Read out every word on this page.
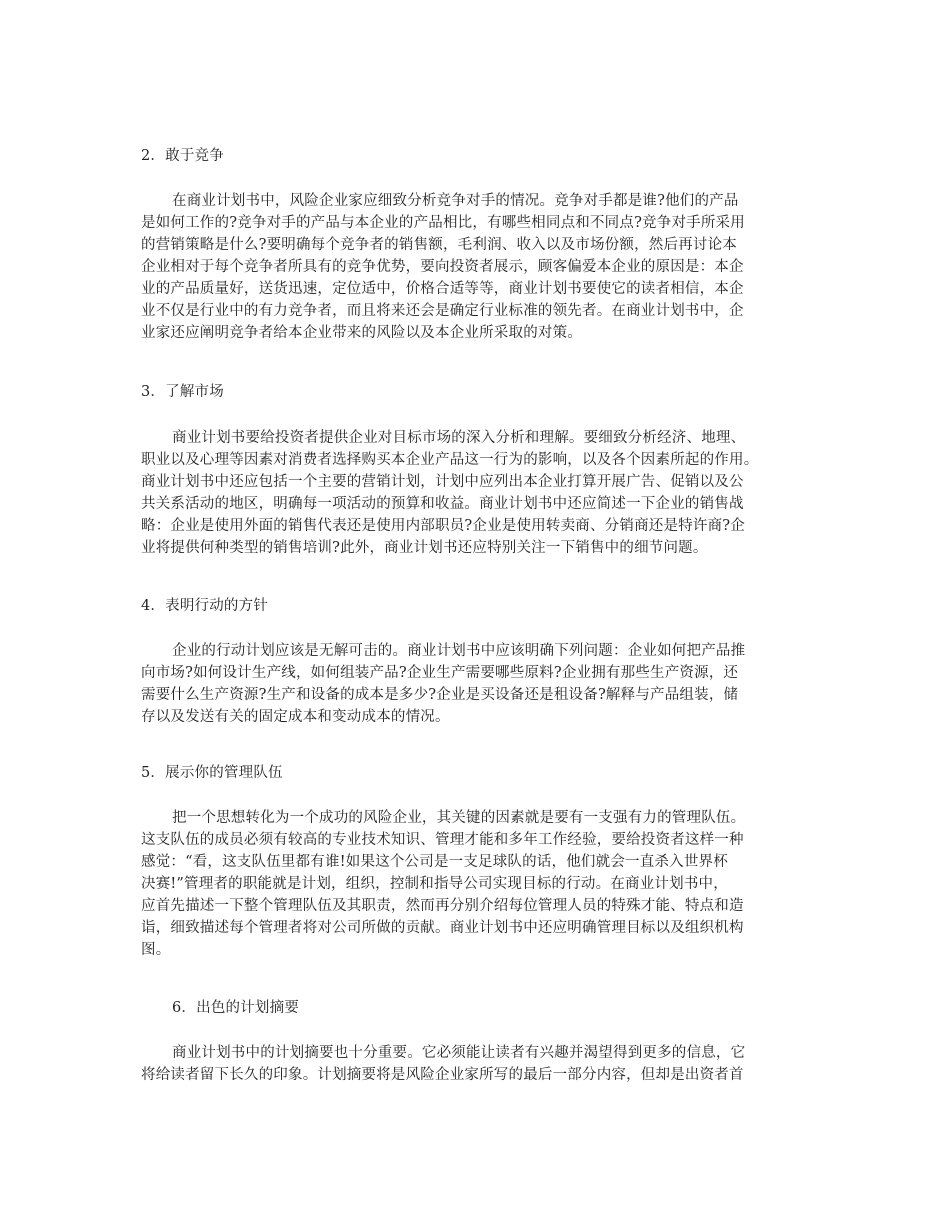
2．敢于竞争
在商业计划书中，风险企业家应细致分析竞争对手的情况。竞争对手都是谁?他们的产品
是如何工作的?竞争对手的产品与本企业的产品相比，有哪些相同点和不同点?竞争对手所采用
的营销策略是什么?要明确每个竞争者的销售额，毛利润、收入以及市场份额，然后再讨论本
企业相对于每个竞争者所具有的竞争优势，要向投资者展示，顾客偏爱本企业的原因是：本企
业的产品质量好，送货迅速，定位适中，价格合适等等，商业计划书要使它的读者相信，本企
业不仅是行业中的有力竞争者，而且将来还会是确定行业标准的领先者。在商业计划书中，企
业家还应阐明竞争者给本企业带来的风险以及本企业所采取的对策。
3．了解市场
商业计划书要给投资者提供企业对目标市场的深入分析和理解。要细致分析经济、地理、
职业以及心理等因素对消费者选择购买本企业产品这一行为的影响，以及各个因素所起的作用。
商业计划书中还应包括一个主要的营销计划，计划中应列出本企业打算开展广告、促销以及公
共关系活动的地区，明确每一项活动的预算和收益。商业计划书中还应简述一下企业的销售战
略：企业是使用外面的销售代表还是使用内部职员?企业是使用转卖商、分销商还是特许商?企
业将提供何种类型的销售培训?此外，商业计划书还应特别关注一下销售中的细节问题。
4．表明行动的方针
企业的行动计划应该是无解可击的。商业计划书中应该明确下列问题：企业如何把产品推
向市场?如何设计生产线，如何组装产品?企业生产需要哪些原料?企业拥有那些生产资源，还
需要什么生产资源?生产和设备的成本是多少?企业是买设备还是租设备?解释与产品组装，储
存以及发送有关的固定成本和变动成本的情况。
5．展示你的管理队伍
把一个思想转化为一个成功的风险企业，其关键的因素就是要有一支强有力的管理队伍。
这支队伍的成员必须有较高的专业技术知识、管理才能和多年工作经验，要给投资者这样一种
感觉：“看，这支队伍里都有谁!如果这个公司是一支足球队的话，他们就会一直杀入世界杯
决赛!”管理者的职能就是计划，组织，控制和指导公司实现目标的行动。在商业计划书中，
应首先描述一下整个管理队伍及其职责，然而再分别介绍每位管理人员的特殊才能、特点和造
诣，细致描述每个管理者将对公司所做的贡献。商业计划书中还应明确管理目标以及组织机构
图。
6．出色的计划摘要
商业计划书中的计划摘要也十分重要。它必须能让读者有兴趣并渴望得到更多的信息，它
将给读者留下长久的印象。计划摘要将是风险企业家所写的最后一部分内容，但却是出资者首
